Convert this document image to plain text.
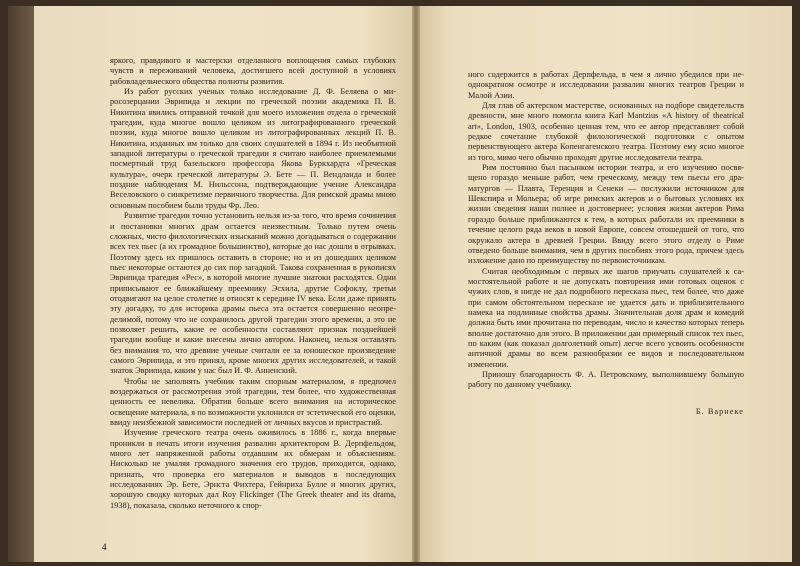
яркого, правдивого и мастерски отделанного воплощения самых глубоких чувств и переживаний человека, достигшего всей доступной в условиях рабовладельческого общества полноты развития.

Из работ русских ученых только исследование Д. Ф. Беляева о миросозерцании Эврипида и лекции по греческой поэзии академика П. В. Никитина явились отправной точкой для моего изложения отдела о греческой трагедии, куда многое вошло целиком из литографированного греческой поэзии, куда многое вошло целиком из литографированных лекций П. В. Никитина, изданных им только для своих слушателей в 1894 г. Из необъятной западной литературы о греческой трагедии я считаю наиболее приемлемыми посмертный труд базельского профессора Якова Буркхардта «Греческая культура», очерк греческой литературы Э. Бете — П. Вендланда и более поздние наблюдения М. Нильссона, подтверждающие учение Александра Веселовского о синкретизме первичного творчества. Для римской драмы мною основным пособием были труды Фр. Лео.

Развитие трагедии точно установить нельзя из-за того, что время сочинения и постановки многих драм остается неизвестным. Только путем очень сложных, чисто филологических изысканий можно догадываться о содержании всех тех пьес (а их громадное большинство), которые до нас дошли в отрывках. Поэтому здесь их пришлось оставить в стороне; но и из дошедших целиком пьес некоторые остаются до сих пор загадкой. Такова сохраненная в рукописях Эврипида трагедия «Рес», в которой многие лучшие знатоки расходятся. Одни приписывают ее ближайшему преемнику Эсхила, другие Софоклу, третьи отодвигают на целое столетие и относят к середине IV века. Если даже принять эту догадку, то для историка драмы пьеса эта остается совершенно неопределимой, потому что не сохранилось другой трагедии этого времени, а это не позволяет решить, какие ее особенности составляют признак позднейшей трагедии вообще и какие внесены лично автором. Наконец, нельзя оставлять без внимания то, что древние ученые считали ее за юношеское произведение самого Эврипида, и это принял, кроме многих других исследователей, и такой знаток Эврипида, каким у нас был И. Ф. Анненский.

Чтобы не заполнять учебник таким спорным материалом, я предпочел воздержаться от рассмотрения этой трагедии, тем более, что художественная ценность ее невелика. Обратив больше всего внимания на историческое освещение материала, я по возможности уклонился от эстетической его оценки, ввиду неизбежной зависимости последней от личных вкусов и пристрастий.

Изучение греческого театра очень оживилось в 1886 г., когда впервые проникли в печать итоги изучения развалин архитектором В. Дерпфельдом, много лет напряженной работы отдавшим их обмерам и объяснениям. Нисколько не умаляя громадного значения его трудов, приходится, однако, признать, что проверка его материалов и выводов в последующих исследованиях Эр. Бете, Эрнста Фихтера, Гейнриха Булле и многих других, хорошую сводку которых дал Roy Flickinger (The Greek theater and its drama, 1938), показала, сколько неточного к спор-

4

ного содержится в работах Дерпфельда, в чем я лично убедился при неоднократном осмотре и исследовании развалин многих театров Греции и Малой Азии.

Для глав об актерском мастерстве, основанных на подборе свидетельств древности, мне много помогла книга Karl Mantzius «A history of theatrical art», London, 1903, особенно ценная тем, что ее автор представляет собой редкое сочетание глубокой филологической подготовки с опытом первенствующего актера Копенгагенского театра. Поэтому ему ясно многое из того, мимо чего обычно проходят другие исследователи театра.

Рим постоянно был пасынком истории театра, и его изучению посвящено гораздо меньше работ, чем греческому, между тем пьесы его драматургов — Плавта, Теренция и Сенеки — послужили источником для Шекспира и Мольера; об игре римских актеров и о бытовых условиях их жизни сведения наши полнее и достовернее; условия жизни актеров Рима гораздо больше приближаются к тем, в которых работали их преемники в течение целого ряда веков в новой Европе, совсем отошедшей от того, что окружало актера в древней Греции. Ввиду всего этого отделу о Риме отведено больше внимания, чем в других пособиях этого рода, причем здесь изложение дано по преимуществу по первоисточникам.

Считая необходимым с первых же шагов приучать слушателей к самостоятельной работе и не допускать повторения ими готовых оценок с чужих слов, я нигде не дал подробного пересказа пьес, тем более, что даже при самом обстоятельном пересказе не удается дать и приблизительного намека на подлинные свойства драмы. Значительная доля драм и комедий должна быть ими прочитана по переводам, число и качество которых теперь вполне достаточно для этого. В приложении дан примерный список тех пьес, по каким (как показал долголетний опыт) легче всего усвоить особенности античной драмы во всем разнообразии ее видов и последовательном изменении.

Приношу благодарность Ф. А. Петровскому, выполнившему большую работу по данному учебнику.

Б. Варнеке
